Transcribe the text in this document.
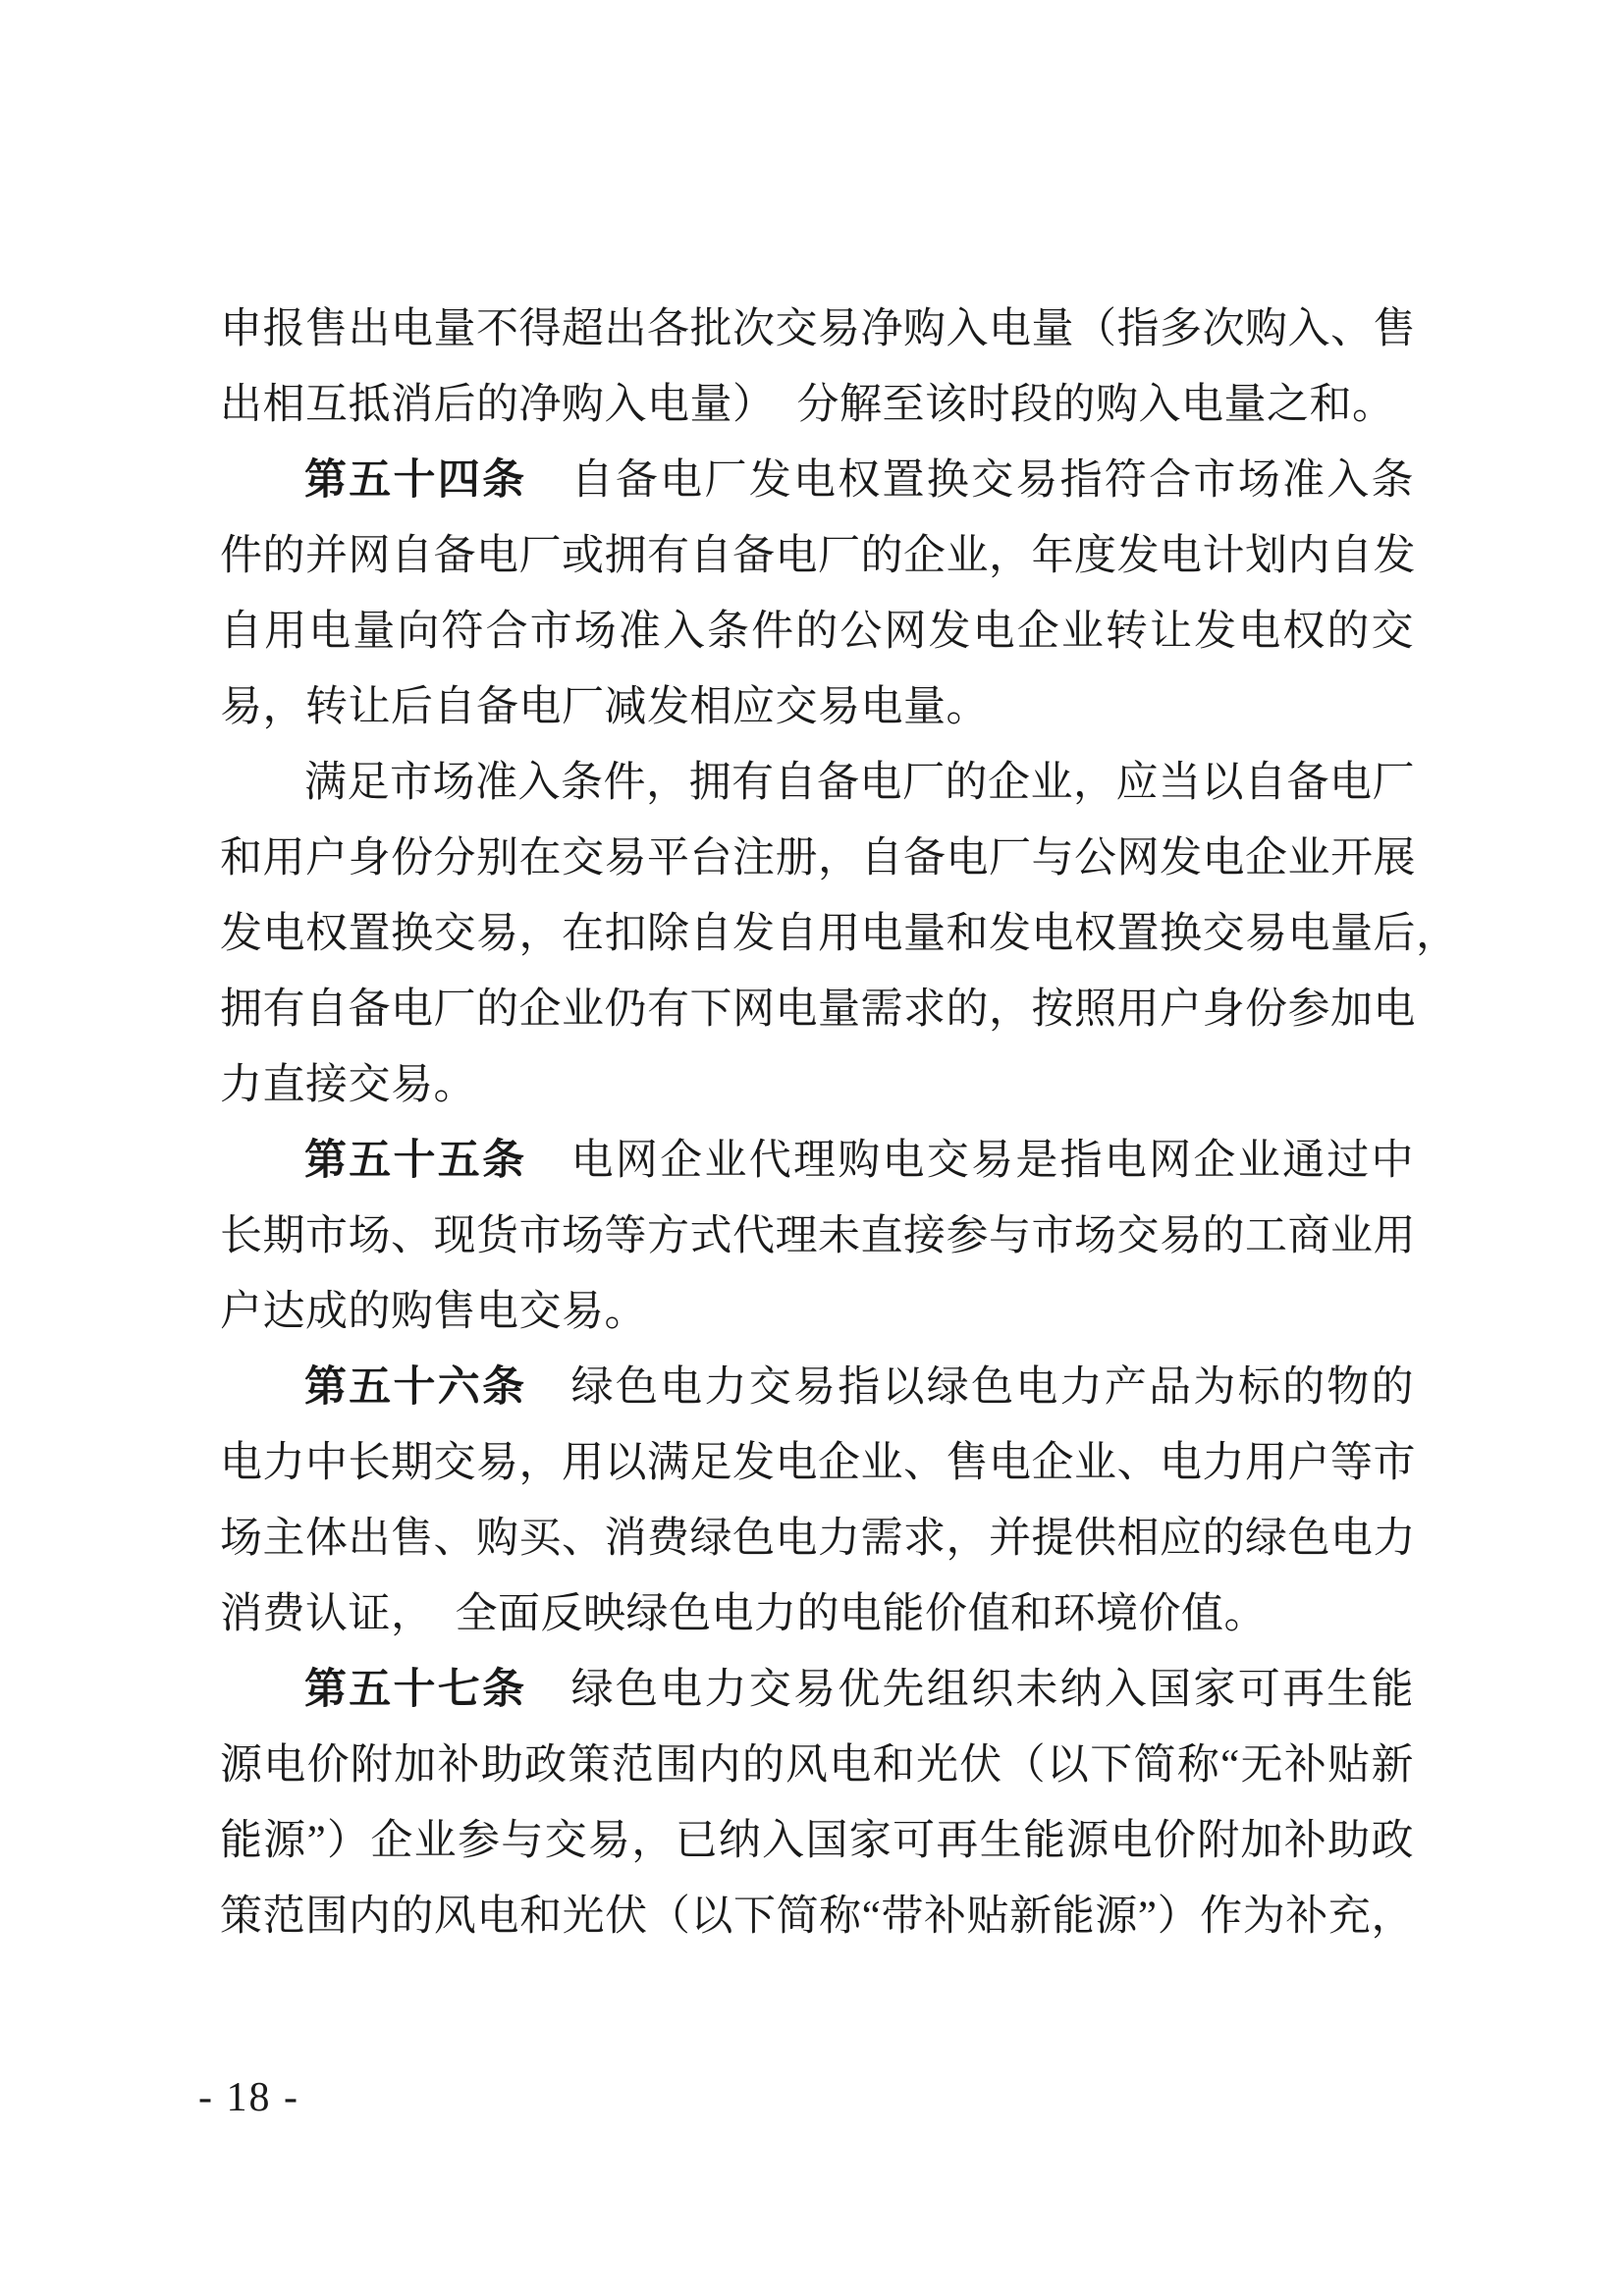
申报售出电量不得超出各批次交易净购入电量（指多次购入、售
出相互抵消后的净购入电量）　分解至该时段的购入电量之和。
第五十四条　自备电厂发电权置换交易指符合市场准入条
件的并网自备电厂或拥有自备电厂的企业，年度发电计划内自发
自用电量向符合市场准入条件的公网发电企业转让发电权的交
易，转让后自备电厂减发相应交易电量。
满足市场准入条件，拥有自备电厂的企业，应当以自备电厂
和用户身份分别在交易平台注册，自备电厂与公网发电企业开展
发电权置换交易，在扣除自发自用电量和发电权置换交易电量后，
拥有自备电厂的企业仍有下网电量需求的，按照用户身份参加电
力直接交易。
第五十五条　电网企业代理购电交易是指电网企业通过中
长期市场、现货市场等方式代理未直接参与市场交易的工商业用
户达成的购售电交易。
第五十六条　绿色电力交易指以绿色电力产品为标的物的
电力中长期交易，用以满足发电企业、售电企业、电力用户等市
场主体出售、购买、消费绿色电力需求，并提供相应的绿色电力
消费认证，　全面反映绿色电力的电能价值和环境价值。
第五十七条　绿色电力交易优先组织未纳入国家可再生能
源电价附加补助政策范围内的风电和光伏（以下简称“无补贴新
能源”）企业参与交易，已纳入国家可再生能源电价附加补助政
策范围内的风电和光伏（以下简称“带补贴新能源”）作为补充，
- 18 -
